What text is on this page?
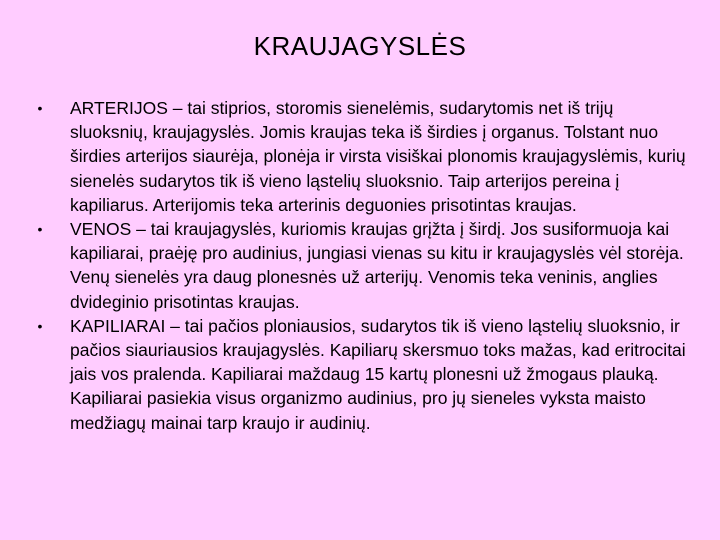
KRAUJAGYSLĖS
•	ARTERIJOS – tai stiprios, storomis sienelėmis, sudarytomis net iš trijų sluoksnių, kraujagyslės. Jomis kraujas teka iš širdies į organus. Tolstant nuo širdies arterijos siaurėja, plonėja ir virsta visiškai plonomis kraujagyslėmis, kurių sienelės sudarytos tik iš vieno ląstelių sluoksnio. Taip arterijos pereina į kapiliarus. Arterijomis teka arterinis deguonies prisotintas kraujas.
•	VENOS – tai kraujagyslės, kuriomis kraujas grįžta į širdį. Jos susiformuoja kai kapiliarai, praėję pro audinius, jungiasi vienas su kitu ir kraujagyslės vėl storėja. Venų sienelės yra daug plonesnės už arterijų. Venomis teka veninis, anglies dvideginio prisotintas kraujas.
•	KAPILIARAI – tai pačios ploniausios, sudarytos tik iš vieno ląstelių sluoksnio, ir pačios siauriausios kraujagyslės. Kapiliarų skersmuo toks mažas, kad eritrocitai jais vos pralenda. Kapiliarai maždaug 15 kartų plonesni už žmogaus plauką. Kapiliarai pasiekia visus organizmo audinius, pro jų sieneles vyksta maisto medžiagų mainai tarp kraujo ir audinių.
